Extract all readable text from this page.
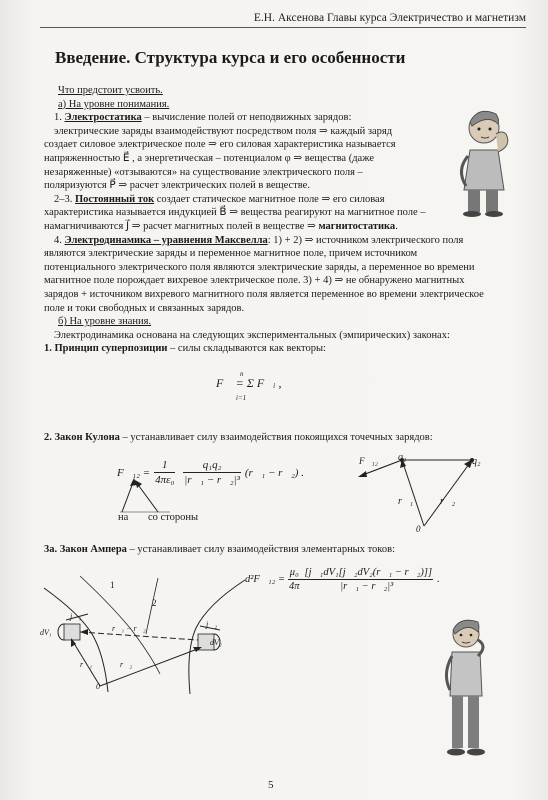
Е.Н. Аксенова Главы курса Электричество и магнетизм
Введение. Структура курса и его особенности

Что предстоит усвоить.

а) На уровне понимания.

1. Электростатика – вычисление полей от неподвижных зарядов:

электрические заряды взаимодействуют посредством поля ⇒ каждый заряд

создает силовое электрическое поле ⇒ его силовая характеристика называется

напряженностью E⃗ , а энергетическая – потенциалом φ ⇒ вещества (даже

незаряженные) «отзываются» на существование электрического поля –

поляризуются P⃗ ⇒ расчет электрических полей в веществе.

2–3. Постоянный ток создает статическое магнитное поле ⇒ его силовая

характеристика называется индукцией B⃗ ⇒ вещества реагируют на магнитное поле –

намагничиваются J⃗ ⇒ расчет магнитных полей в веществе ⇒ магнитостатика.

4. Электродинамика – уравнения Максвелла: 1) + 2) ⇒ источником электрического поля

являются электрические заряды и переменное магнитное поле, причем источником

потенциального электрического поля являются электрические заряды, а переменное во времени

магнитное поле порождает вихревое электрическое поле. 3) + 4) ⇒ не обнаружено магнитных

зарядов + источником вихревого магнитного поля является переменное во времени электрическое

поле и токи свободных и связанных зарядов.

б) На уровне знания.

Электродинамика основана на следующих экспериментальных (эмпирических) законах:

1. Принцип суперпозиции – силы складываются как векторы:

n
F⃗ = Σ F⃗ᵢ ,
i=1
2. Закон Кулона – устанавливает силу взаимодействия покоящихся точечных зарядов:
F⃗₁₂ =	1		q₁q₂	(r⃗₁ − r⃗₂) .
	4πε₀		|r⃗₁ − r⃗₂|³	
на со стороны
F⃗₁₂ q₁	q₂
r⃗₁	r⃗₂
0
3а. Закон Ампера – устанавливает силу взаимодействия элементарных токов:
d²F⃗₁₂ =	μ₀	[j⃗₁dV₁[j⃗₂dV₂(r⃗₁ − r⃗₂)]]	.
	4π	|r⃗₁ − r⃗₂|³	
1
2
dV₁
dV₂
j⃗₁
j⃗₂
r⃗₁ − r⃗₂
r⃗₁	r⃗₂
0
5
